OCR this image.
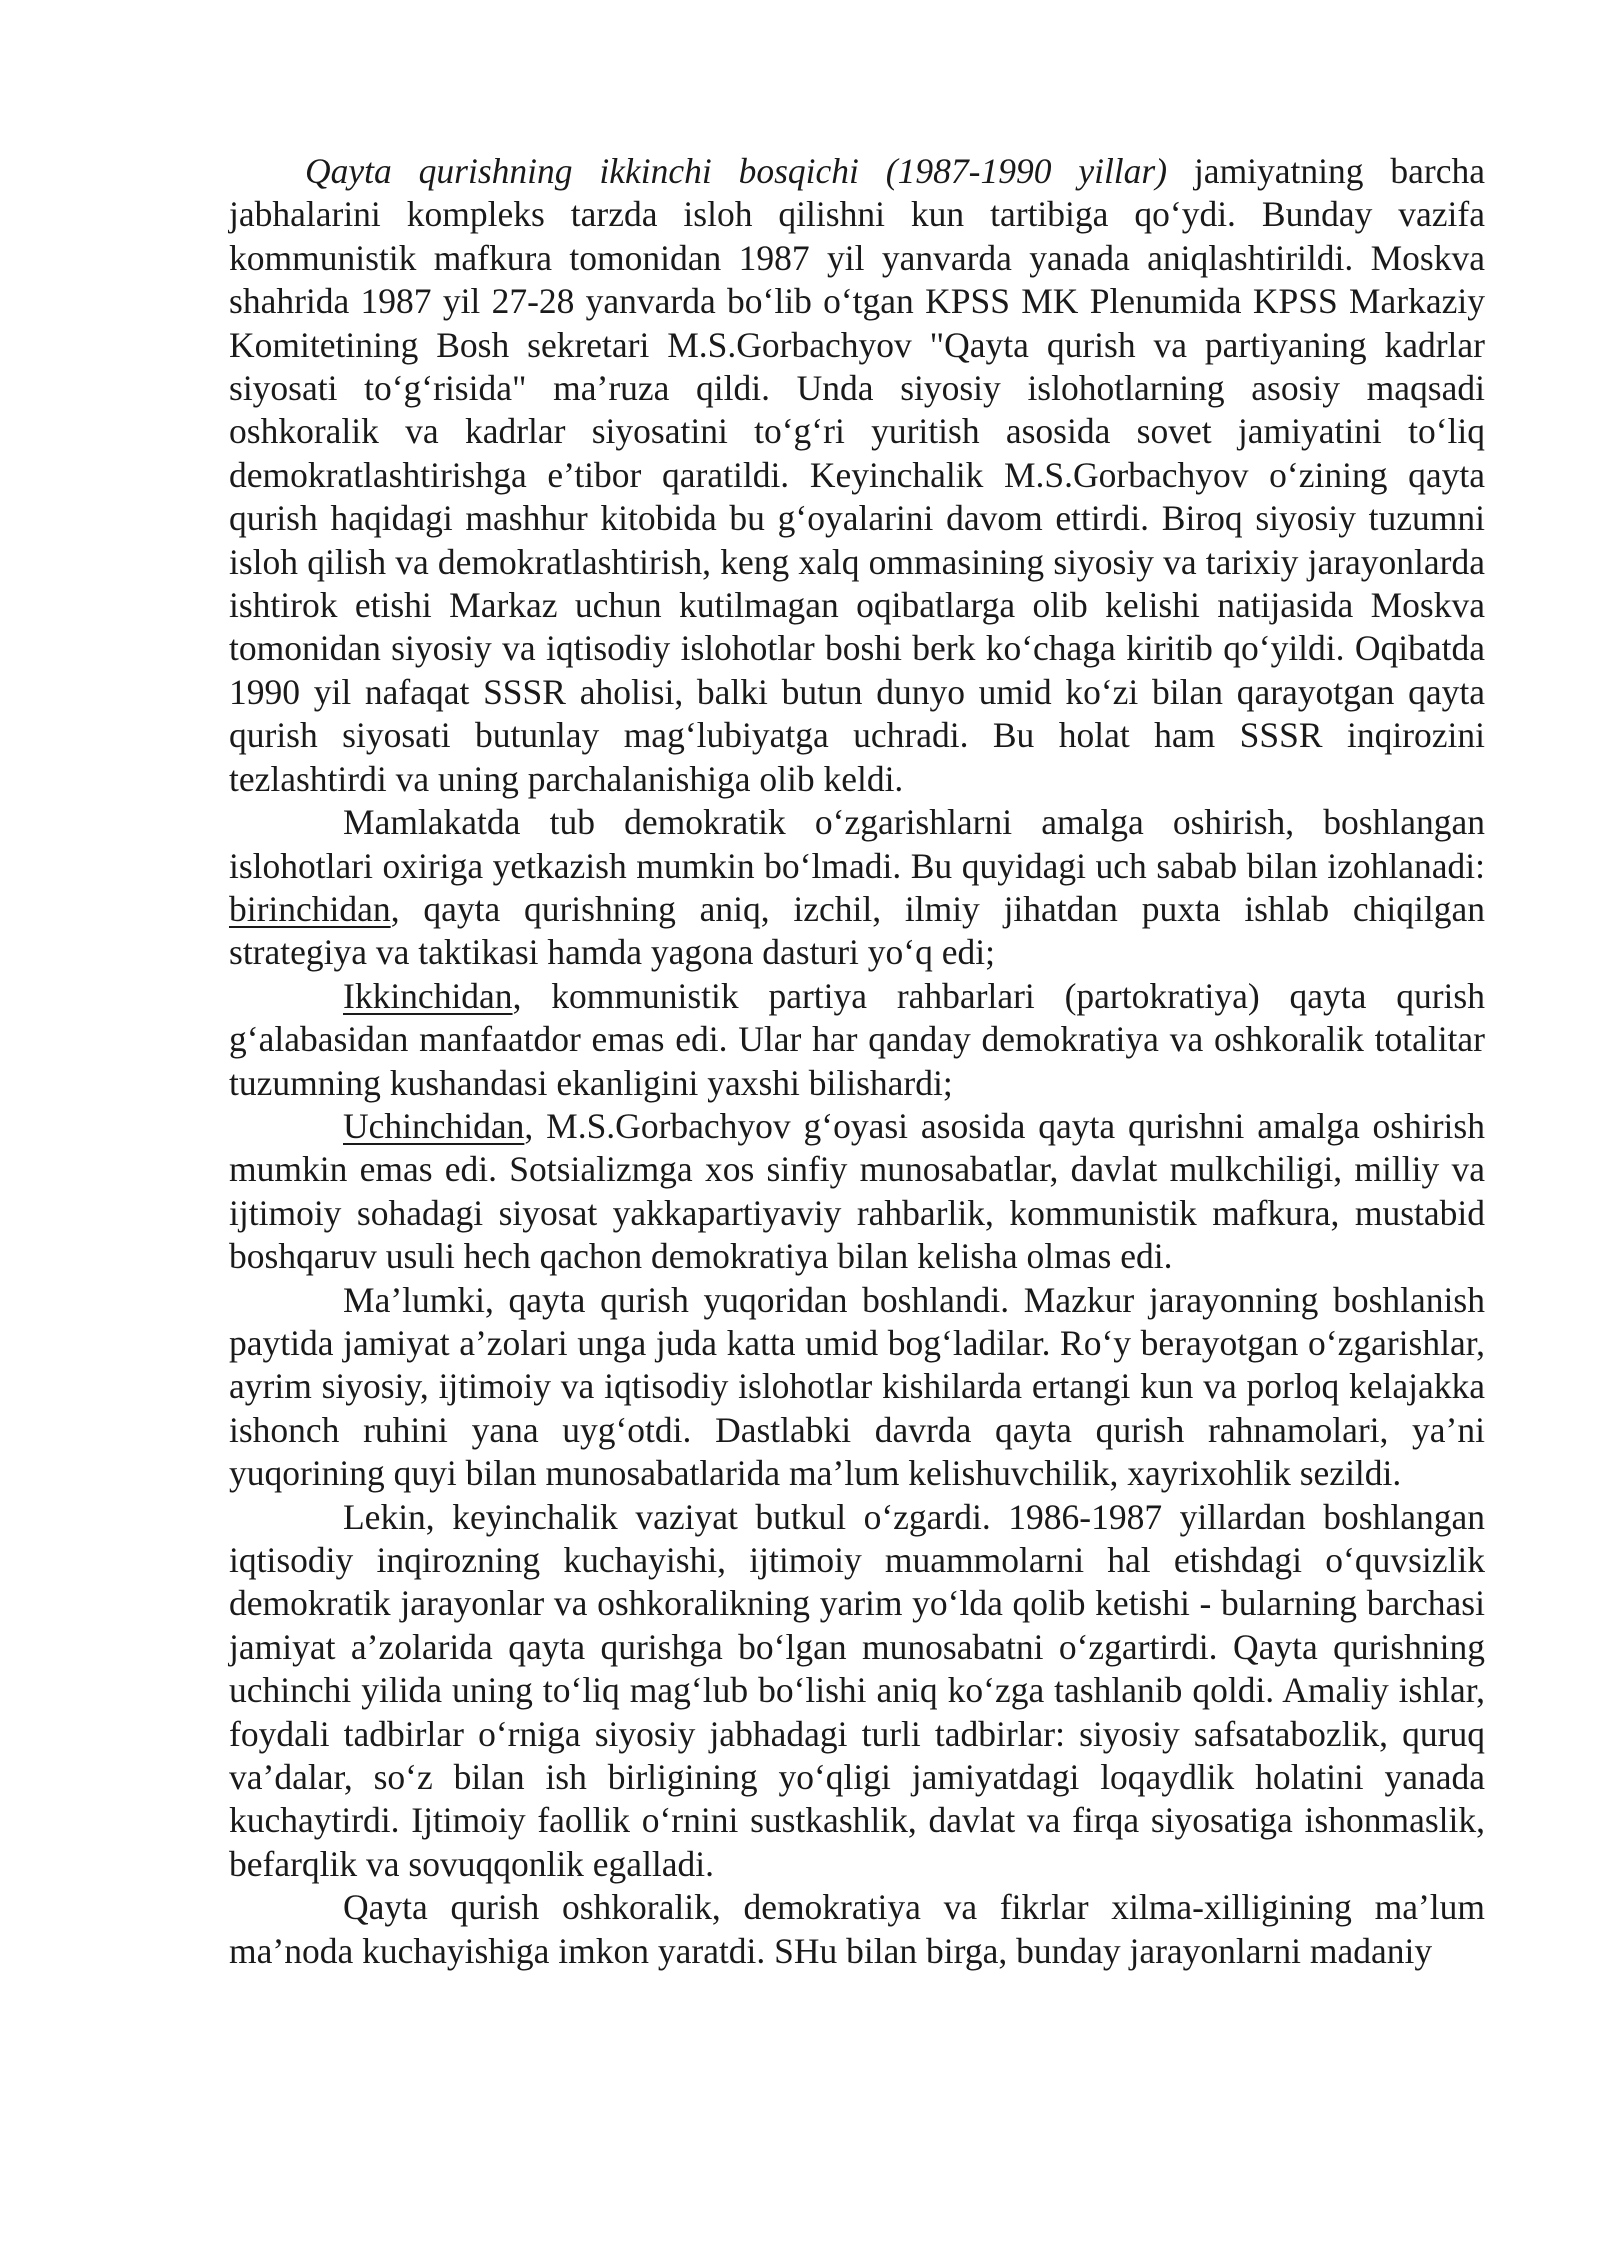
Qayta qurishning ikkinchi bosqichi (1987-1990 yillar) jamiyatning barcha jabhalarini kompleks tarzda isloh qilishni kun tartibiga qo‘ydi. Bunday vazifa kommunistik mafkura tomonidan 1987 yil yanvarda yanada aniqlashtirildi. Moskva shahrida 1987 yil 27-28 yanvarda bo‘lib o‘tgan KPSS MK Plenumida KPSS Markaziy Komitetining Bosh sekretari M.S.Gorbachyov "Qayta qurish va partiyaning kadrlar siyosati to‘g‘risida" ma’ruza qildi. Unda siyosiy islohotlarning asosiy maqsadi oshkoralik va kadrlar siyosatini to‘g‘ri yuritish asosida sovet jamiyatini to‘liq demokratlashtirishga e’tibor qaratildi. Keyinchalik M.S.Gorbachyov o‘zining qayta qurish haqidagi mashhur kitobida bu g‘oyalarini davom ettirdi. Biroq siyosiy tuzumni isloh qilish va demokratlashtirish, keng xalq ommasining siyosiy va tarixiy jarayonlarda ishtirok etishi Markaz uchun kutilmagan oqibatlarga olib kelishi natijasida Moskva tomonidan siyosiy va iqtisodiy islohotlar boshi berk ko‘chaga kiritib qo‘yildi. Oqibatda 1990 yil nafaqat SSSR aholisi, balki butun dunyo umid ko‘zi bilan qarayotgan qayta qurish siyosati butunlay mag‘lubiyatga uchradi. Bu holat ham SSSR inqirozini tezlashtirdi va uning parchalanishiga olib keldi.

Mamlakatda tub demokratik o‘zgarishlarni amalga oshirish, boshlangan islohotlari oxiriga yetkazish mumkin bo‘lmadi. Bu quyidagi uch sabab bilan izohlanadi: birinchidan, qayta qurishning aniq, izchil, ilmiy jihatdan puxta ishlab chiqilgan strategiya va taktikasi hamda yagona dasturi yo‘q edi;

Ikkinchidan, kommunistik partiya rahbarlari (partokratiya) qayta qurish g‘alabasidan manfaatdor emas edi. Ular har qanday demokratiya va oshkoralik totalitar tuzumning kushandasi ekanligini yaxshi bilishardi;

Uchinchidan, M.S.Gorbachyov g‘oyasi asosida qayta qurishni amalga oshirish mumkin emas edi. Sotsializmga xos sinfiy munosabatlar, davlat mulkchiligi, milliy va ijtimoiy sohadagi siyosat yakkapartiyaviy rahbarlik, kommunistik mafkura, mustabid boshqaruv usuli hech qachon demokratiya bilan kelisha olmas edi.

Ma’lumki, qayta qurish yuqoridan boshlandi. Mazkur jarayonning boshlanish paytida jamiyat a’zolari unga juda katta umid bog‘ladilar. Ro‘y berayotgan o‘zgarishlar, ayrim siyosiy, ijtimoiy va iqtisodiy islohotlar kishilarda ertangi kun va porloq kelajakka ishonch ruhini yana uyg‘otdi. Dastlabki davrda qayta qurish rahnamolari, ya’ni yuqorining quyi bilan munosabatlarida ma’lum kelishuvchilik, xayrixohlik sezildi.

Lekin, keyinchalik vaziyat butkul o‘zgardi. 1986-1987 yillardan boshlangan iqtisodiy inqirozning kuchayishi, ijtimoiy muammolarni hal etishdagi o‘quvsizlik demokratik jarayonlar va oshkoralikning yarim yo‘lda qolib ketishi - bularning barchasi jamiyat a’zolarida qayta qurishga bo‘lgan munosabatni o‘zgartirdi. Qayta qurishning uchinchi yilida uning to‘liq mag‘lub bo‘lishi aniq ko‘zga tashlanib qoldi. Amaliy ishlar, foydali tadbirlar o‘rniga siyosiy jabhadagi turli tadbirlar: siyosiy safsatabozlik, quruq va’dalar, so‘z bilan ish birligining yo‘qligi jamiyatdagi loqaydlik holatini yanada kuchaytirdi. Ijtimoiy faollik o‘rnini sustkashlik, davlat va firqa siyosatiga ishonmaslik, befarqlik va sovuqqonlik egalladi.

Qayta qurish oshkoralik, demokratiya va fikrlar xilma-xilligining ma’lum ma’noda kuchayishiga imkon yaratdi. SHu bilan birga, bunday jarayonlarni madaniy
